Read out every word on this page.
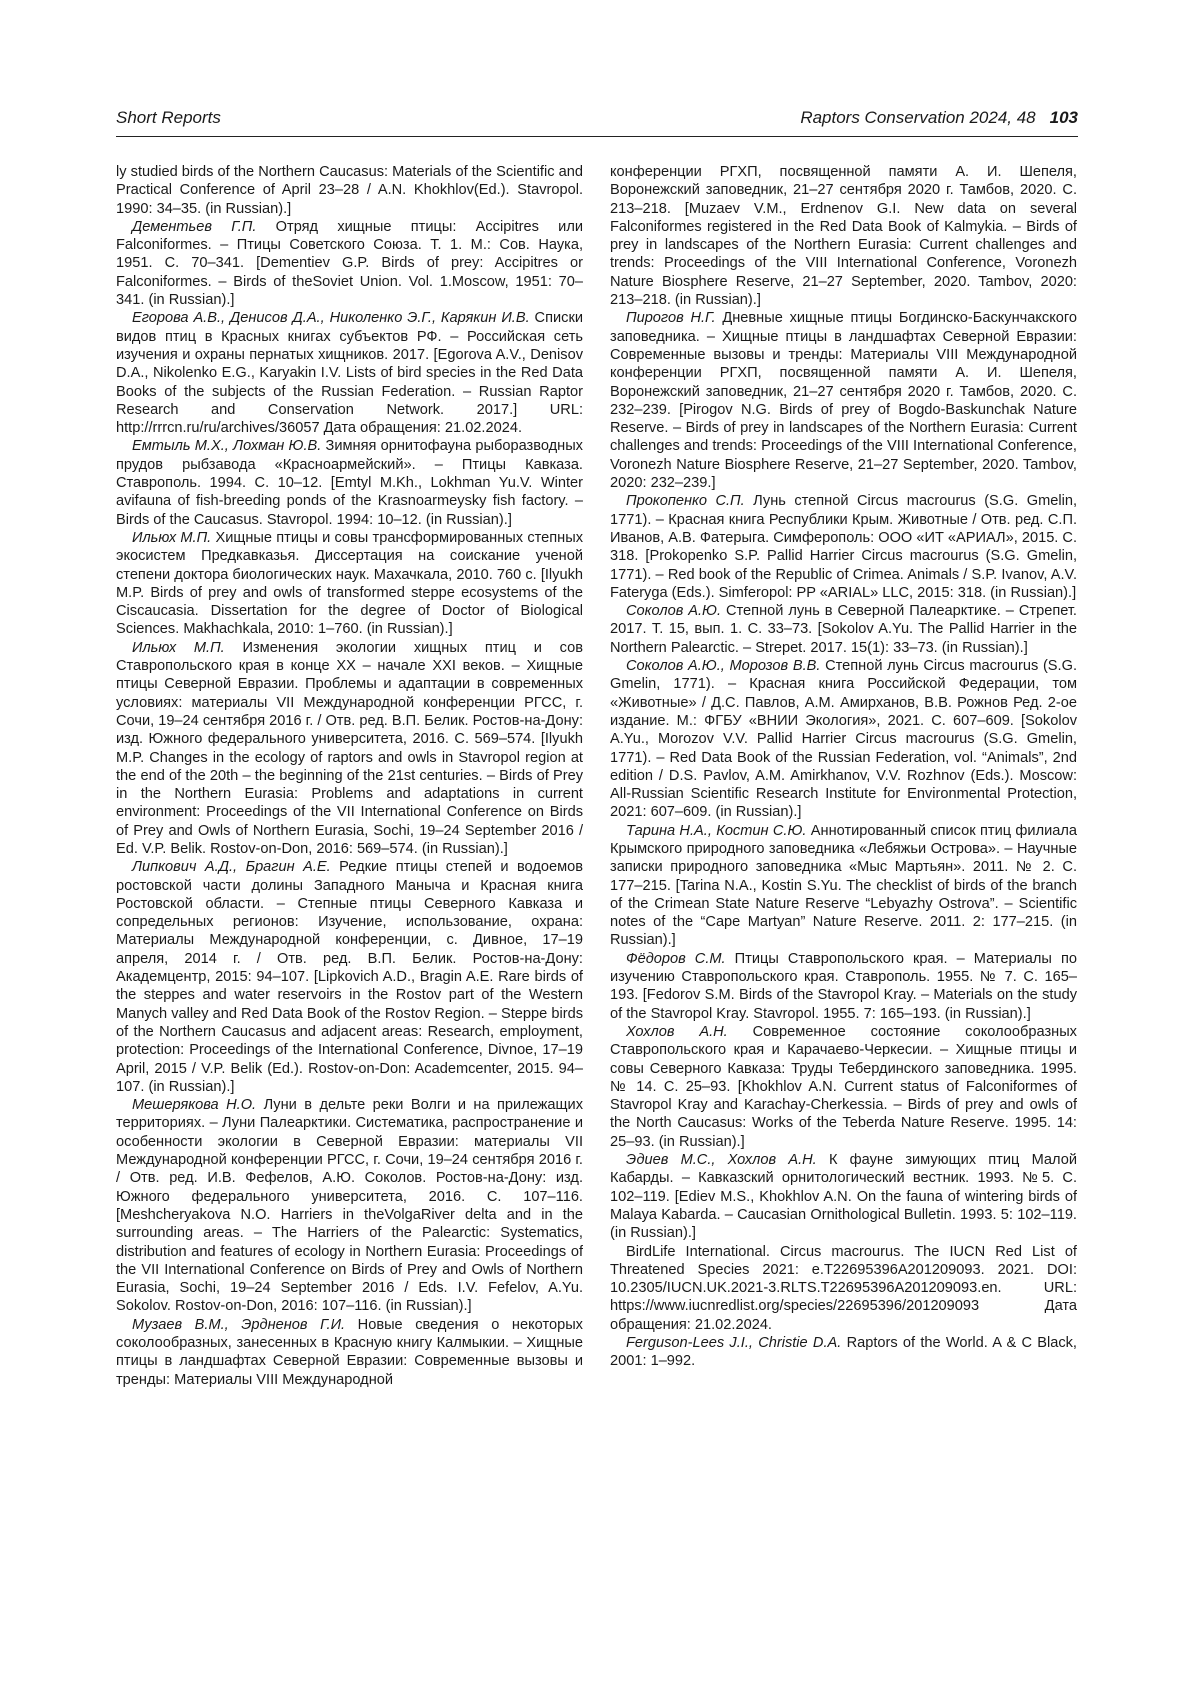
Short Reports	Raptors Conservation 2024, 48 103

ly studied birds of the Northern Caucasus: Materials of the Scientific and Practical Conference of April 23–28 / A.N. Khokhlov(Ed.). Stavropol. 1990: 34–35. (in Russian).]

Дементьев Г.П. Отряд хищные птицы: Accipitres или Falconiformes. – Птицы Советского Союза. Т. 1. М.: Сов. Наука, 1951. С. 70–341. [Dementiev G.P. Birds of prey: Accipitres or Falconiformes. – Birds of theSoviet Union. Vol. 1.Moscow, 1951: 70–341. (in Russian).]

Егорова А.В., Денисов Д.А., Николенко Э.Г., Карякин И.В. Списки видов птиц в Красных книгах субъектов РФ. – Российская сеть изучения и охраны пернатых хищников. 2017. [Egorova A.V., Denisov D.A., Nikolenko E.G., Karyakin I.V. Lists of bird species in the Red Data Books of the subjects of the Russian Federation. – Russian Raptor Research and Conservation Network. 2017.] URL: http://rrrcn.ru/ru/archives/36057 Дата обращения: 21.02.2024.

Емтыль М.Х., Лохман Ю.В. Зимняя орнитофауна рыборазводных прудов рыбзавода «Красноармейский». – Птицы Кавказа. Ставрополь. 1994. С. 10–12. [Emtyl M.Kh., Lokhman Yu.V. Winter avifauna of fish-breeding ponds of the Krasnoarmeysky fish factory. – Birds of the Caucasus. Stavropol. 1994: 10–12. (in Russian).]

Ильюх М.П. Хищные птицы и совы трансформированных степных экосистем Предкавказья. Диссертация на соискание ученой степени доктора биологических наук. Махачкала, 2010. 760 с. [Ilyukh M.P. Birds of prey and owls of transformed steppe ecosystems of the Ciscaucasia. Dissertation for the degree of Doctor of Biological Sciences. Makhachkala, 2010: 1–760. (in Russian).]

Ильюх М.П. Изменения экологии хищных птиц и сов Ставропольского края в конце XX – начале XXI веков. – Хищные птицы Северной Евразии. Проблемы и адаптации в современных условиях: материалы VII Международной конференции РГСС, г. Сочи, 19–24 сентября 2016 г. / Отв. ред. В.П. Белик. Ростов-на-Дону: изд. Южного федерального университета, 2016. С. 569–574. [Ilyukh M.P. Changes in the ecology of raptors and owls in Stavropol region at the end of the 20th – the beginning of the 21st centuries. – Birds of Prey in the Northern Eurasia: Problems and adaptations in current environment: Proceedings of the VII International Conference on Birds of Prey and Owls of Northern Eurasia, Sochi, 19–24 September 2016 / Ed. V.P. Belik. Rostov-on-Don, 2016: 569–574. (in Russian).]

Липкович А.Д., Брагин А.Е. Редкие птицы степей и водоемов ростовской части долины Западного Маныча и Красная книга Ростовской области. – Степные птицы Северного Кавказа и сопредельных регионов: Изучение, использование, охрана: Материалы Международной конференции, с. Дивное, 17–19 апреля, 2014 г. / Отв. ред. В.П. Белик. Ростов-на-Дону: Академцентр, 2015: 94–107. [Lipkovich A.D., Bragin A.E. Rare birds of the steppes and water reservoirs in the Rostov part of the Western Manych valley and Red Data Book of the Rostov Region. – Steppe birds of the Northern Caucasus and adjacent areas: Research, employment, protection: Proceedings of the International Conference, Divnoe, 17–19 April, 2015 / V.P. Belik (Ed.). Rostov-on-Don: Academcenter, 2015. 94–107. (in Russian).]

Мешерякова Н.О. Луни в дельте реки Волги и на прилежащих территориях. – Луни Палеарктики. Систематика, распространение и особенности экологии в Северной Евразии: материалы VII Международной конференции РГСС, г. Сочи, 19–24 сентября 2016 г. / Отв. ред. И.В. Фефелов, А.Ю. Соколов. Ростов-на-Дону: изд. Южного федерального университета, 2016. С. 107–116. [Meshcheryakova N.O. Harriers in theVolgaRiver delta and in the surrounding areas. – The Harriers of the Palearctic: Systematics, distribution and features of ecology in Northern Eurasia: Proceedings of the VII International Conference on Birds of Prey and Owls of Northern Eurasia, Sochi, 19–24 September 2016 / Eds. I.V. Fefelov, A.Yu. Sokolov. Rostov-on-Don, 2016: 107–116. (in Russian).]

Музаев В.М., Эрдненов Г.И. Новые сведения о некоторых соколообразных, занесенных в Красную книгу Калмыкии. – Хищные птицы в ландшафтах Северной Евразии: Современные вызовы и тренды: Материалы VIII Международной

конференции РГХП, посвященной памяти А. И. Шепеля, Воронежский заповедник, 21–27 сентября 2020 г. Тамбов, 2020. С. 213–218. [Muzaev V.M., Erdnenov G.I. New data on several Falconiformes registered in the Red Data Book of Kalmykia. – Birds of prey in landscapes of the Northern Eurasia: Current challenges and trends: Proceedings of the VIII International Conference, Voronezh Nature Biosphere Reserve, 21–27 September, 2020. Tambov, 2020: 213–218. (in Russian).]

Пирогов Н.Г. Дневные хищные птицы Богдинско-Баскунчакского заповедника. – Хищные птицы в ландшафтах Северной Евразии: Современные вызовы и тренды: Материалы VIII Международной конференции РГХП, посвященной памяти А. И. Шепеля, Воронежский заповедник, 21–27 сентября 2020 г. Тамбов, 2020. С. 232–239. [Pirogov N.G. Birds of prey of Bogdo-Baskunchak Nature Reserve. – Birds of prey in landscapes of the Northern Eurasia: Current challenges and trends: Proceedings of the VIII International Conference, Voronezh Nature Biosphere Reserve, 21–27 September, 2020. Tambov, 2020: 232–239.]

Прокопенко С.П. Лунь степной Circus macrourus (S.G. Gmelin, 1771). – Красная книга Республики Крым. Животные / Отв. ред. С.П. Иванов, А.В. Фатерыга. Симферополь: ООО «ИТ «АРИАЛ», 2015. С. 318. [Prokopenko S.P. Pallid Harrier Circus macrourus (S.G. Gmelin, 1771). – Red book of the Republic of Crimea. Animals / S.P. Ivanov, A.V. Fateryga (Eds.). Simferopol: PP «ARIAL» LLC, 2015: 318. (in Russian).]

Соколов А.Ю. Степной лунь в Северной Палеарктике. – Стрепет. 2017. Т. 15, вып. 1. С. 33–73. [Sokolov A.Yu. The Pallid Harrier in the Northern Palearctic. – Strepet. 2017. 15(1): 33–73. (in Russian).]

Соколов А.Ю., Морозов В.В. Степной лунь Circus macrourus (S.G. Gmelin, 1771). – Красная книга Российской Федерации, том «Животные» / Д.С. Павлов, А.М. Амирханов, В.В. Рожнов Ред. 2-ое издание. М.: ФГБУ «ВНИИ Экология», 2021. С. 607–609. [Sokolov A.Yu., Morozov V.V. Pallid Harrier Circus macrourus (S.G. Gmelin, 1771). – Red Data Book of the Russian Federation, vol. “Animals”, 2nd edition / D.S. Pavlov, A.M. Amirkhanov, V.V. Rozhnov (Eds.). Moscow: All-Russian Scientific Research Institute for Environmental Protection, 2021: 607–609. (in Russian).]

Тарина Н.А., Костин С.Ю. Аннотированный список птиц филиала Крымского природного заповедника «Лебяжьи Острова». – Научные записки природного заповедника «Мыс Мартьян». 2011. № 2. С. 177–215. [Tarina N.A., Kostin S.Yu. The checklist of birds of the branch of the Crimean State Nature Reserve “Lebyazhy Ostrova”. – Scientific notes of the “Cape Martyan” Nature Reserve. 2011. 2: 177–215. (in Russian).]

Фёдоров С.М. Птицы Ставропольского края. – Материалы по изучению Ставропольского края. Ставрополь. 1955. № 7. С. 165–193. [Fedorov S.M. Birds of the Stavropol Kray. – Materials on the study of the Stavropol Kray. Stavropol. 1955. 7: 165–193. (in Russian).]

Хохлов А.Н. Современное состояние соколообразных Ставропольского края и Карачаево-Черкесии. – Хищные птицы и совы Северного Кавказа: Труды Тебердинского заповедника. 1995. № 14. С. 25–93. [Khokhlov A.N. Current status of Falconiformes of Stavropol Kray and Karachay-Cherkessia. – Birds of prey and owls of the North Caucasus: Works of the Teberda Nature Reserve. 1995. 14: 25–93. (in Russian).]

Эдиев М.С., Хохлов А.Н. К фауне зимующих птиц Малой Кабарды. – Кавказский орнитологический вестник. 1993. №5. С. 102–119. [Ediev M.S., Khokhlov A.N. On the fauna of wintering birds of Malaya Kabarda. – Caucasian Ornithological Bulletin. 1993. 5: 102–119. (in Russian).]

BirdLife International. Circus macrourus. The IUCN Red List of Threatened Species 2021: e.T22695396A201209093. 2021. DOI: 10.2305/IUCN.UK.2021-3.RLTS.T22695396A201209093.en. URL: https://www.iucnredlist.org/species/22695396/201209093 Дата обращения: 21.02.2024.

Ferguson-Lees J.I., Christie D.A. Raptors of the World. A & C Black, 2001: 1–992.
